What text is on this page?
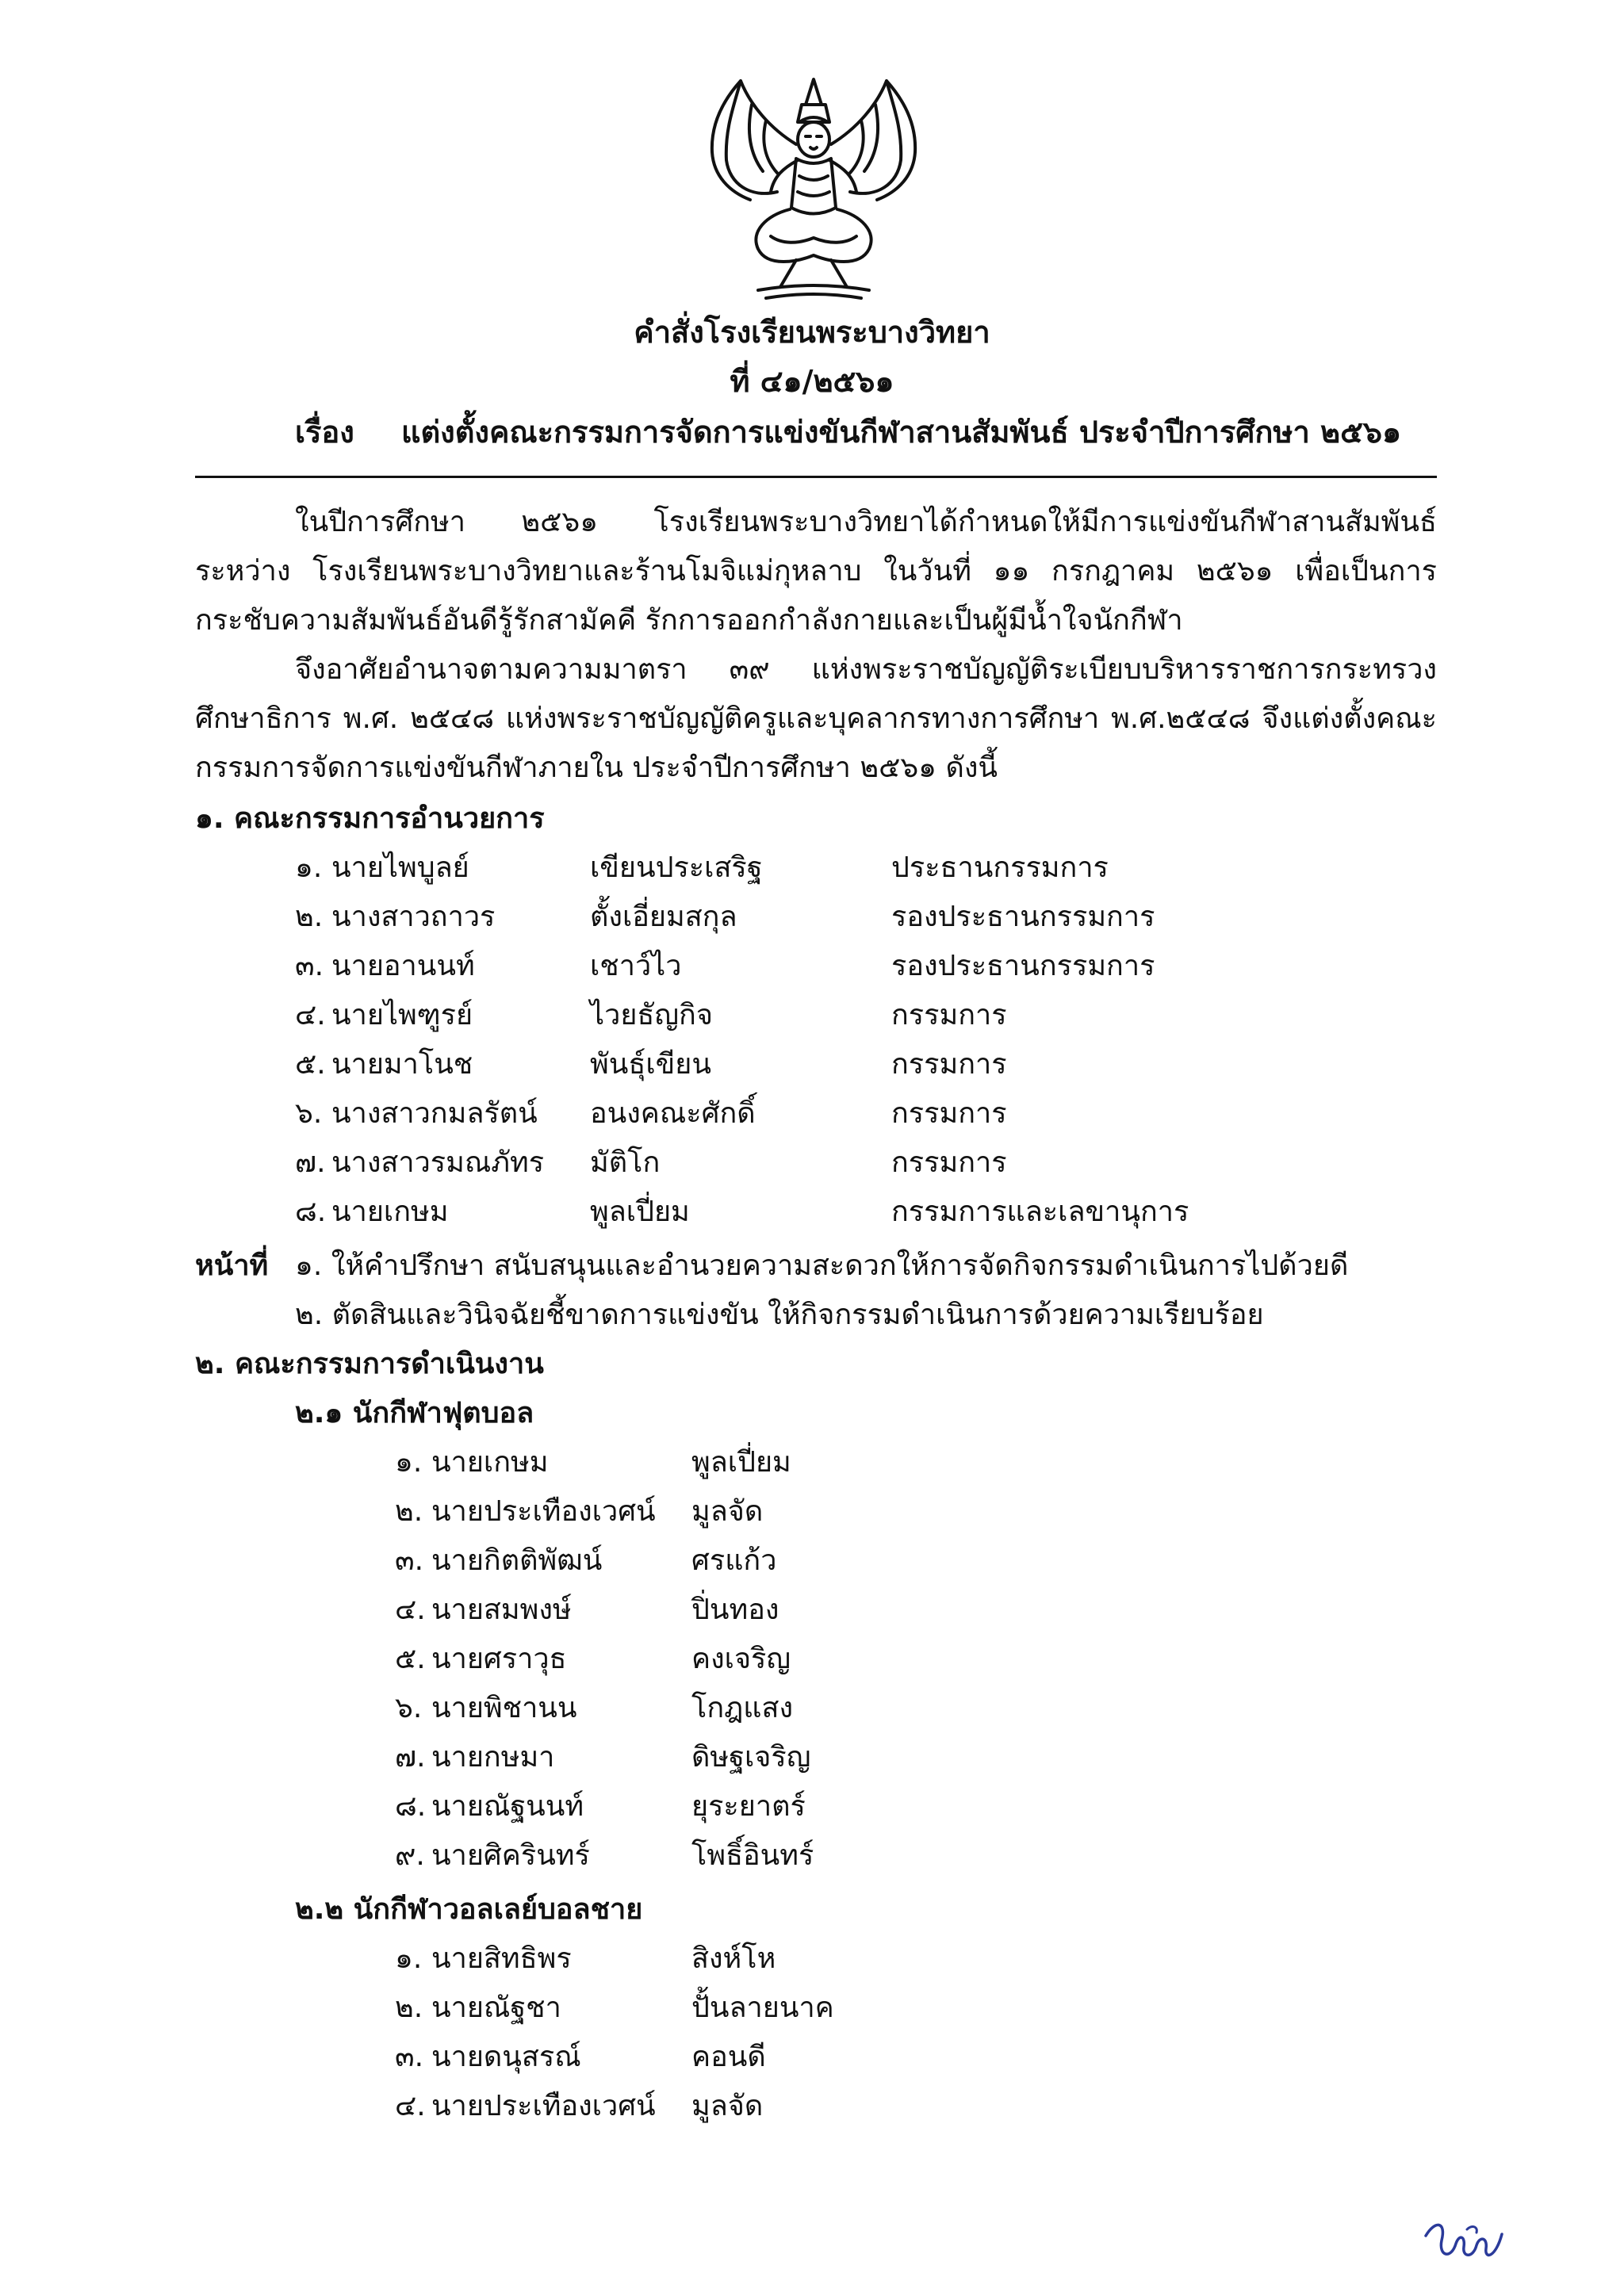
คำสั่งโรงเรียนพระบางวิทยา
ที่ ๔๑/๒๕๖๑
เรื่อง แต่งตั้งคณะกรรมการจัดการแข่งขันกีฬาสานสัมพันธ์ ประจำปีการศึกษา ๒๕๖๑

ในปีการศึกษา ๒๕๖๑ โรงเรียนพระบางวิทยาได้กำหนดให้มีการแข่งขันกีฬาสานสัมพันธ์ระหว่าง โรงเรียนพระบางวิทยาและร้านโมจิแม่กุหลาบ ในวันที่ ๑๑ กรกฎาคม ๒๕๖๑ เพื่อเป็นการกระชับความสัมพันธ์อันดีรู้รักสามัคคี รักการออกกำลังกายและเป็นผู้มีน้ำใจนักกีฬา

จึงอาศัยอำนาจตามความมาตรา ๓๙ แห่งพระราชบัญญัติระเบียบบริหารราชการกระทรวงศึกษาธิการ พ.ศ. ๒๕๔๘ แห่งพระราชบัญญัติครูและบุคลากรทางการศึกษา พ.ศ.๒๕๔๘ จึงแต่งตั้งคณะกรรมการจัดการแข่งขันกีฬาภายใน ประจำปีการศึกษา ๒๕๖๑ ดังนี้

๑. คณะกรรมการอำนวยการ
๑. นายไพบูลย์	เขียนประเสริฐ	ประธานกรรมการ
๒. นางสาวถาวร	ตั้งเอี่ยมสกุล	รองประธานกรรมการ
๓. นายอานนท์	เชาว์ไว	รองประธานกรรมการ
๔. นายไพฑูรย์	ไวยธัญกิจ	กรรมการ
๕. นายมาโนช	พันธุ์เขียน	กรรมการ
๖. นางสาวกมลรัตน์ อนงคณะศักดิ์	กรรมการ
๗. นางสาวรมณภัทร มัติโก	กรรมการ
๘. นายเกษม	พูลเปี่ยม	กรรมการและเลขานุการ
หน้าที่ ๑. ให้คำปรึกษา สนับสนุนและอำนวยความสะดวกให้การจัดกิจกรรมดำเนินการไปด้วยดี
๒. ตัดสินและวินิจฉัยชี้ขาดการแข่งขัน ให้กิจกรรมดำเนินการด้วยความเรียบร้อย
๒. คณะกรรมการดำเนินงาน
๒.๑ นักกีฬาฟุตบอล
๑. นายเกษม	พูลเปี่ยม
๒. นายประเทืองเวศน์ มูลจัด
๓. นายกิตติพัฒน์	ศรแก้ว
๔. นายสมพงษ์	ปิ่นทอง
๕. นายศราวุธ	คงเจริญ
๖. นายพิชานน	โกฎแสง
๗. นายกษมา	ดิษฐเจริญ
๘. นายณัฐนนท์	ยุระยาตร์
๙. นายศิครินทร์	โพธิ์อินทร์
๒.๒ นักกีฬาวอลเลย์บอลชาย
๑. นายสิทธิพร	สิงห์โห
๒. นายณัฐชา	ปั้นลายนาค
๓. นายดนุสรณ์	คอนดี
๔. นายประเทืองเวศน์ มูลจัด
